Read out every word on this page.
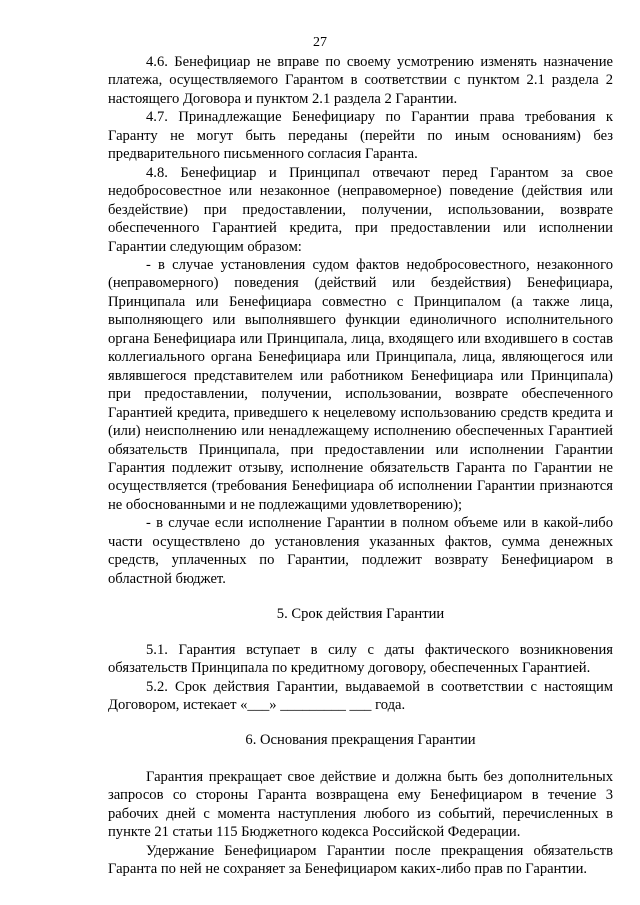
27

4.6. Бенефициар не вправе по своему усмотрению изменять назначение платежа, осуществляемого Гарантом в соответствии с пунктом 2.1 раздела 2 настоящего Договора и пунктом 2.1 раздела 2 Гарантии.

4.7. Принадлежащие Бенефициару по Гарантии права требования к Гаранту не могут быть переданы (перейти по иным основаниям) без предварительного письменного согласия Гаранта.

4.8. Бенефициар и Принципал отвечают перед Гарантом за свое недобросовестное или незаконное (неправомерное) поведение (действия или бездействие) при предоставлении, получении, использовании, возврате обеспеченного Гарантией кредита, при предоставлении или исполнении Гарантии следующим образом:

- в случае установления судом фактов недобросовестного, незаконного (неправомерного) поведения (действий или бездействия) Бенефициара, Принципала или Бенефициара совместно с Принципалом (а также лица, выполняющего или выполнявшего функции единоличного исполнительного органа Бенефициара или Принципала, лица, входящего или входившего в состав коллегиального органа Бенефициара или Принципала, лица, являющегося или являвшегося представителем или работником Бенефициара или Принципала) при предоставлении, получении, использовании, возврате обеспеченного Гарантией кредита, приведшего к нецелевому использованию средств кредита и (или) неисполнению или ненадлежащему исполнению обеспеченных Гарантией обязательств Принципала, при предоставлении или исполнении Гарантии Гарантия подлежит отзыву, исполнение обязательств Гаранта по Гарантии не осуществляется (требования Бенефициара об исполнении Гарантии признаются не обоснованными и не подлежащими удовлетворению);

- в случае если исполнение Гарантии в полном объеме или в какой-либо части осуществлено до установления указанных фактов, сумма денежных средств, уплаченных по Гарантии, подлежит возврату Бенефициаром в областной бюджет.

5. Срок действия Гарантии

5.1. Гарантия вступает в силу с даты фактического возникновения обязательств Принципала по кредитному договору, обеспеченных Гарантией.

5.2. Срок действия Гарантии, выдаваемой в соответствии с настоящим Договором, истекает «___» _________ ___ года.

6. Основания прекращения Гарантии

Гарантия прекращает свое действие и должна быть без дополнительных запросов со стороны Гаранта возвращена ему Бенефициаром в течение 3 рабочих дней с момента наступления любого из событий, перечисленных в пункте 21 статьи 115 Бюджетного кодекса Российской Федерации.

Удержание Бенефициаром Гарантии после прекращения обязательств Гаранта по ней не сохраняет за Бенефициаром каких-либо прав по Гарантии.
